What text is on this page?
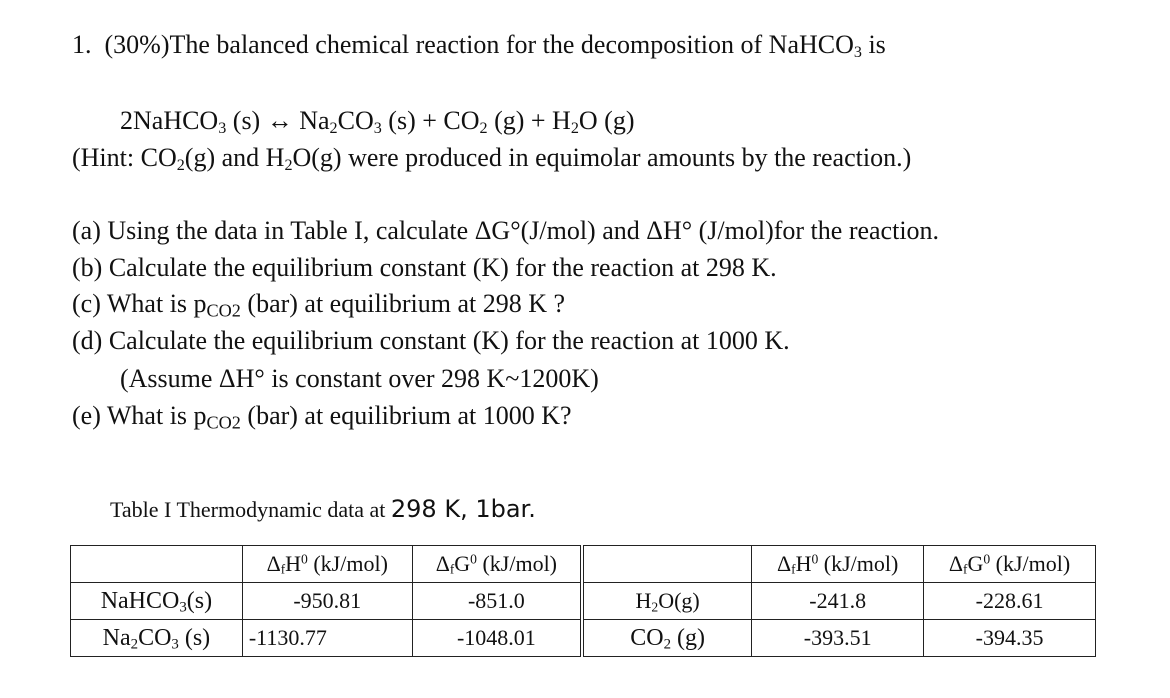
1. (30%)The balanced chemical reaction for the decomposition of NaHCO$_3$ is
2NaHCO$_3$ (s) ↔ $Na_2CO_3$ $(s) + CO_2$ $(g) + H_2O$ (g)
(Hint: $CO_2(g)$ and $H_2O(g)$ were produced in equimolar amounts by the reaction.)
(a) Using the data in Table I, calculate ΔG°(J/mol) and ΔH° (J/mol)for the reaction.
(b) Calculate the equilibrium constant (K) for the reaction at 298 K.
(c) What is $p_{CO2}$ (bar) at equilibrium at 298 K ?
(d) Calculate the equilibrium constant (K) for the reaction at 1000 K.
(Assume ΔH° is constant over 298 K~1200K)
(e) What is $p_{CO2}$ (bar) at equilibrium at 1000 K?
Table I Thermodynamic data at 298 K, 1bar.
	$\Delta_fH^0$ (kJ/mol)	$\Delta_fG^0$ (kJ/mol)		$\Delta_fH^0$ (kJ/mol)	$\Delta_fG^0$ (kJ/mol)
NaHCO$_3$(s)	-950.81	-851.0	$H_2O(g)$	-241.8	-228.61
$Na_2CO_3$ (s)	-1130.77	-1048.01	$CO_2$ (g)	-393.51	-394.35
